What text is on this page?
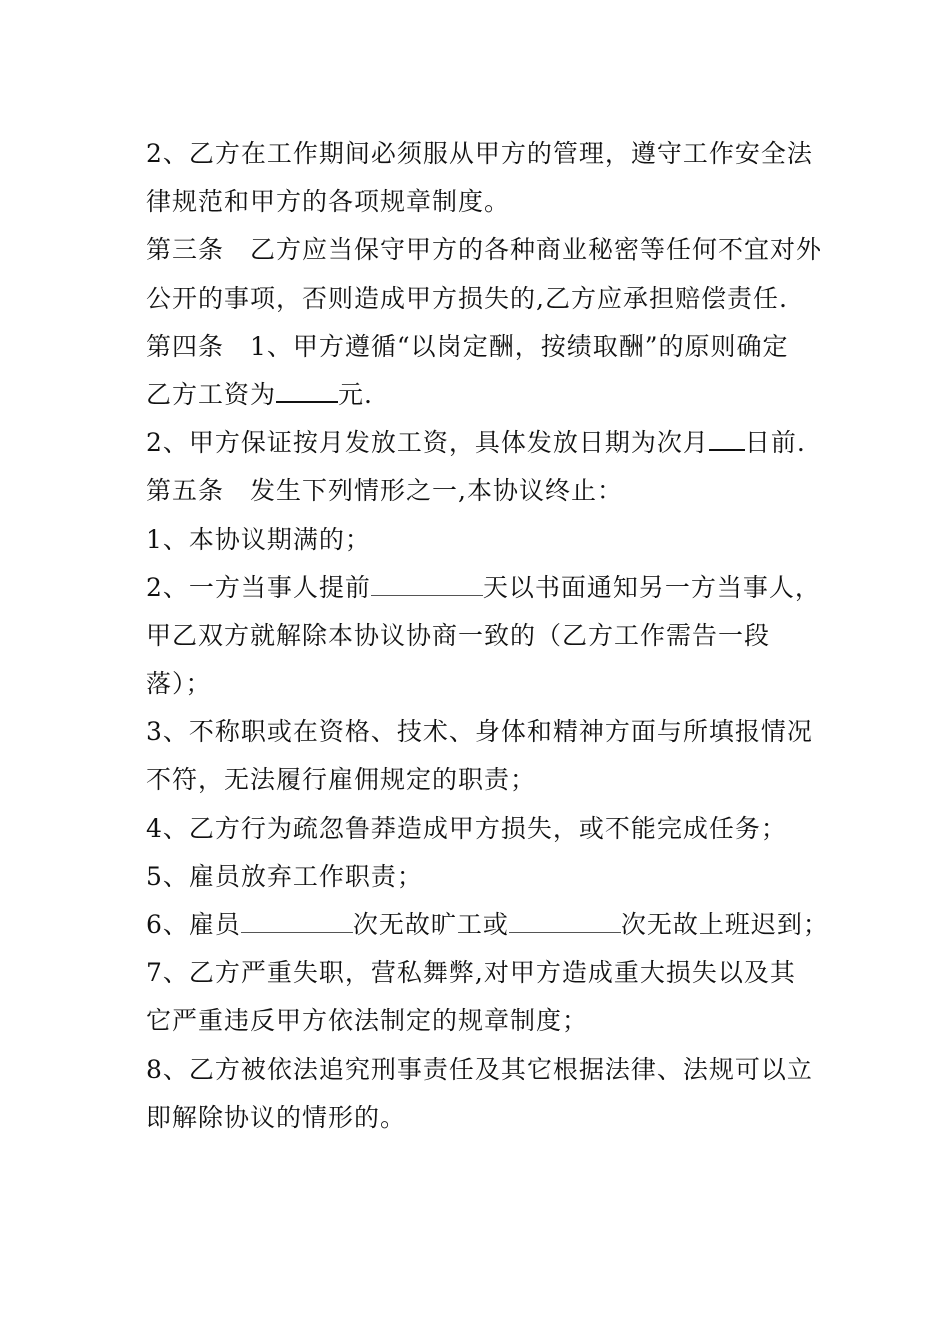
2、乙方在工作期间必须服从甲方的管理，遵守工作安全法
律规范和甲方的各项规章制度。
第三条　乙方应当保守甲方的各种商业秘密等任何不宜对外
公开的事项，否则造成甲方损失的,乙方应承担赔偿责任.
第四条　1、甲方遵循“以岗定酬，按绩取酬”的原则确定
乙方工资为 元.
2、甲方保证按月发放工资，具体发放日期为次月 日前.
第五条　发生下列情形之一,本协议终止：
1、本协议期满的；
2、一方当事人提前	天以书面通知另一方当事人，
甲乙双方就解除本协议协商一致的（乙方工作需告一段
落）；
3、不称职或在资格、技术、身体和精神方面与所填报情况
不符，无法履行雇佣规定的职责；
4、乙方行为疏忽鲁莽造成甲方损失，或不能完成任务；
5、雇员放弃工作职责；
6、雇员	次无故旷工或	次无故上班迟到；
7、乙方严重失职，营私舞弊,对甲方造成重大损失以及其
它严重违反甲方依法制定的规章制度；
8、乙方被依法追究刑事责任及其它根据法律、法规可以立
即解除协议的情形的。
